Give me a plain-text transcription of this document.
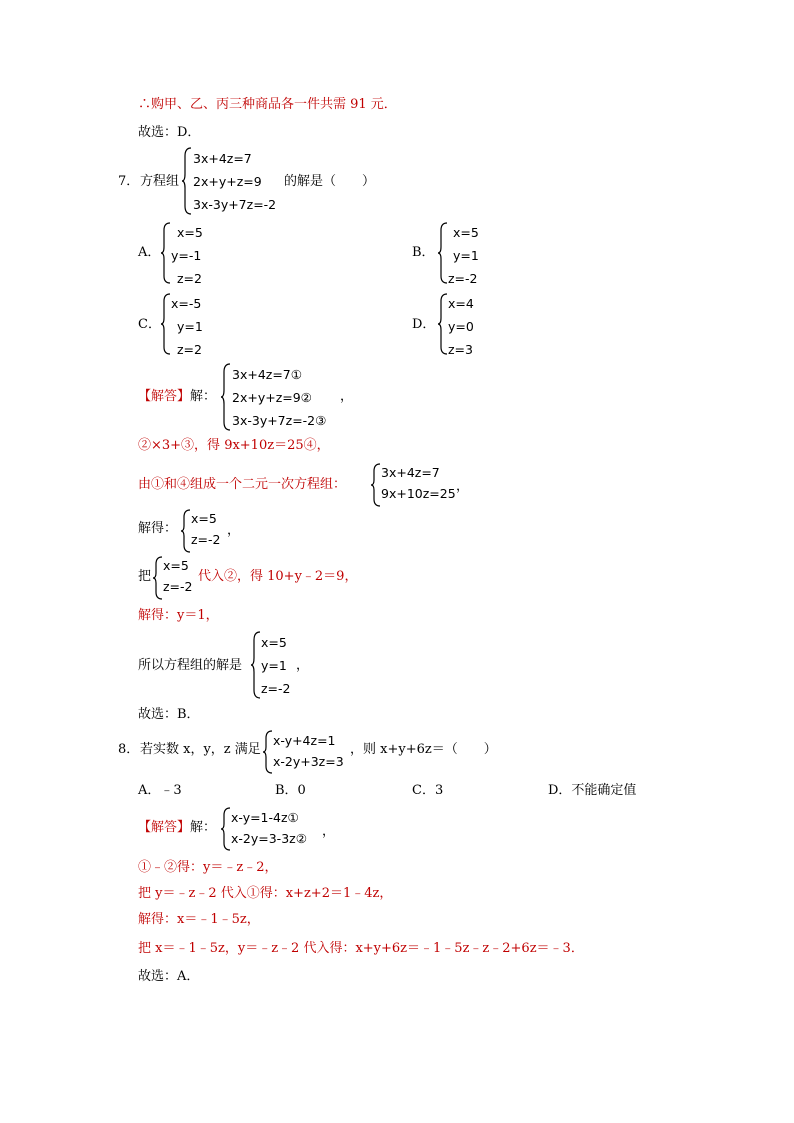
∴购甲、乙、丙三种商品各一件共需 91 元．
故选：D．
7． 方程组
3x+4z=7
2x+y+z=9
3x-3y+7z=-2
的解是（　　）
A．
x=5
y=-1
z=2
B．
x=5
y=1
z=-2
C．
x=-5
y=1
z=2
D．
x=4
y=0
z=3
【解答】解：
3x+4z=7①
2x+y+z=9②
3x-3y+7z=-2③
，
②×3+③，得 9x+10z＝25④，
由①和④组成一个二元一次方程组：
3x+4z=7
9x+10z=25 ，
解得：
x=5
z=-2
，
把
x=5
z=-2
代入②，得 10+y﹣2＝9，
解得：y＝1，
所以方程组的解是
x=5
y=1
z=-2
，
故选：B．
8． 若实数 x，y，z 满足
x-y+4z=1
x-2y+3z=3
，则 x+y+6z＝（　　）
A．﹣3	B．0	C．3	D．不能确定值
【解答】解：
x-y=1-4z①
x-2y=3-3z② ，
①﹣②得：y＝﹣z﹣2，
把 y＝﹣z﹣2 代入①得：x+z+2＝1﹣4z，
解得：x＝﹣1﹣5z，
把 x＝﹣1﹣5z，y＝﹣z﹣2 代入得：x+y+6z＝﹣1﹣5z﹣z﹣2+6z＝﹣3．
故选：A．
